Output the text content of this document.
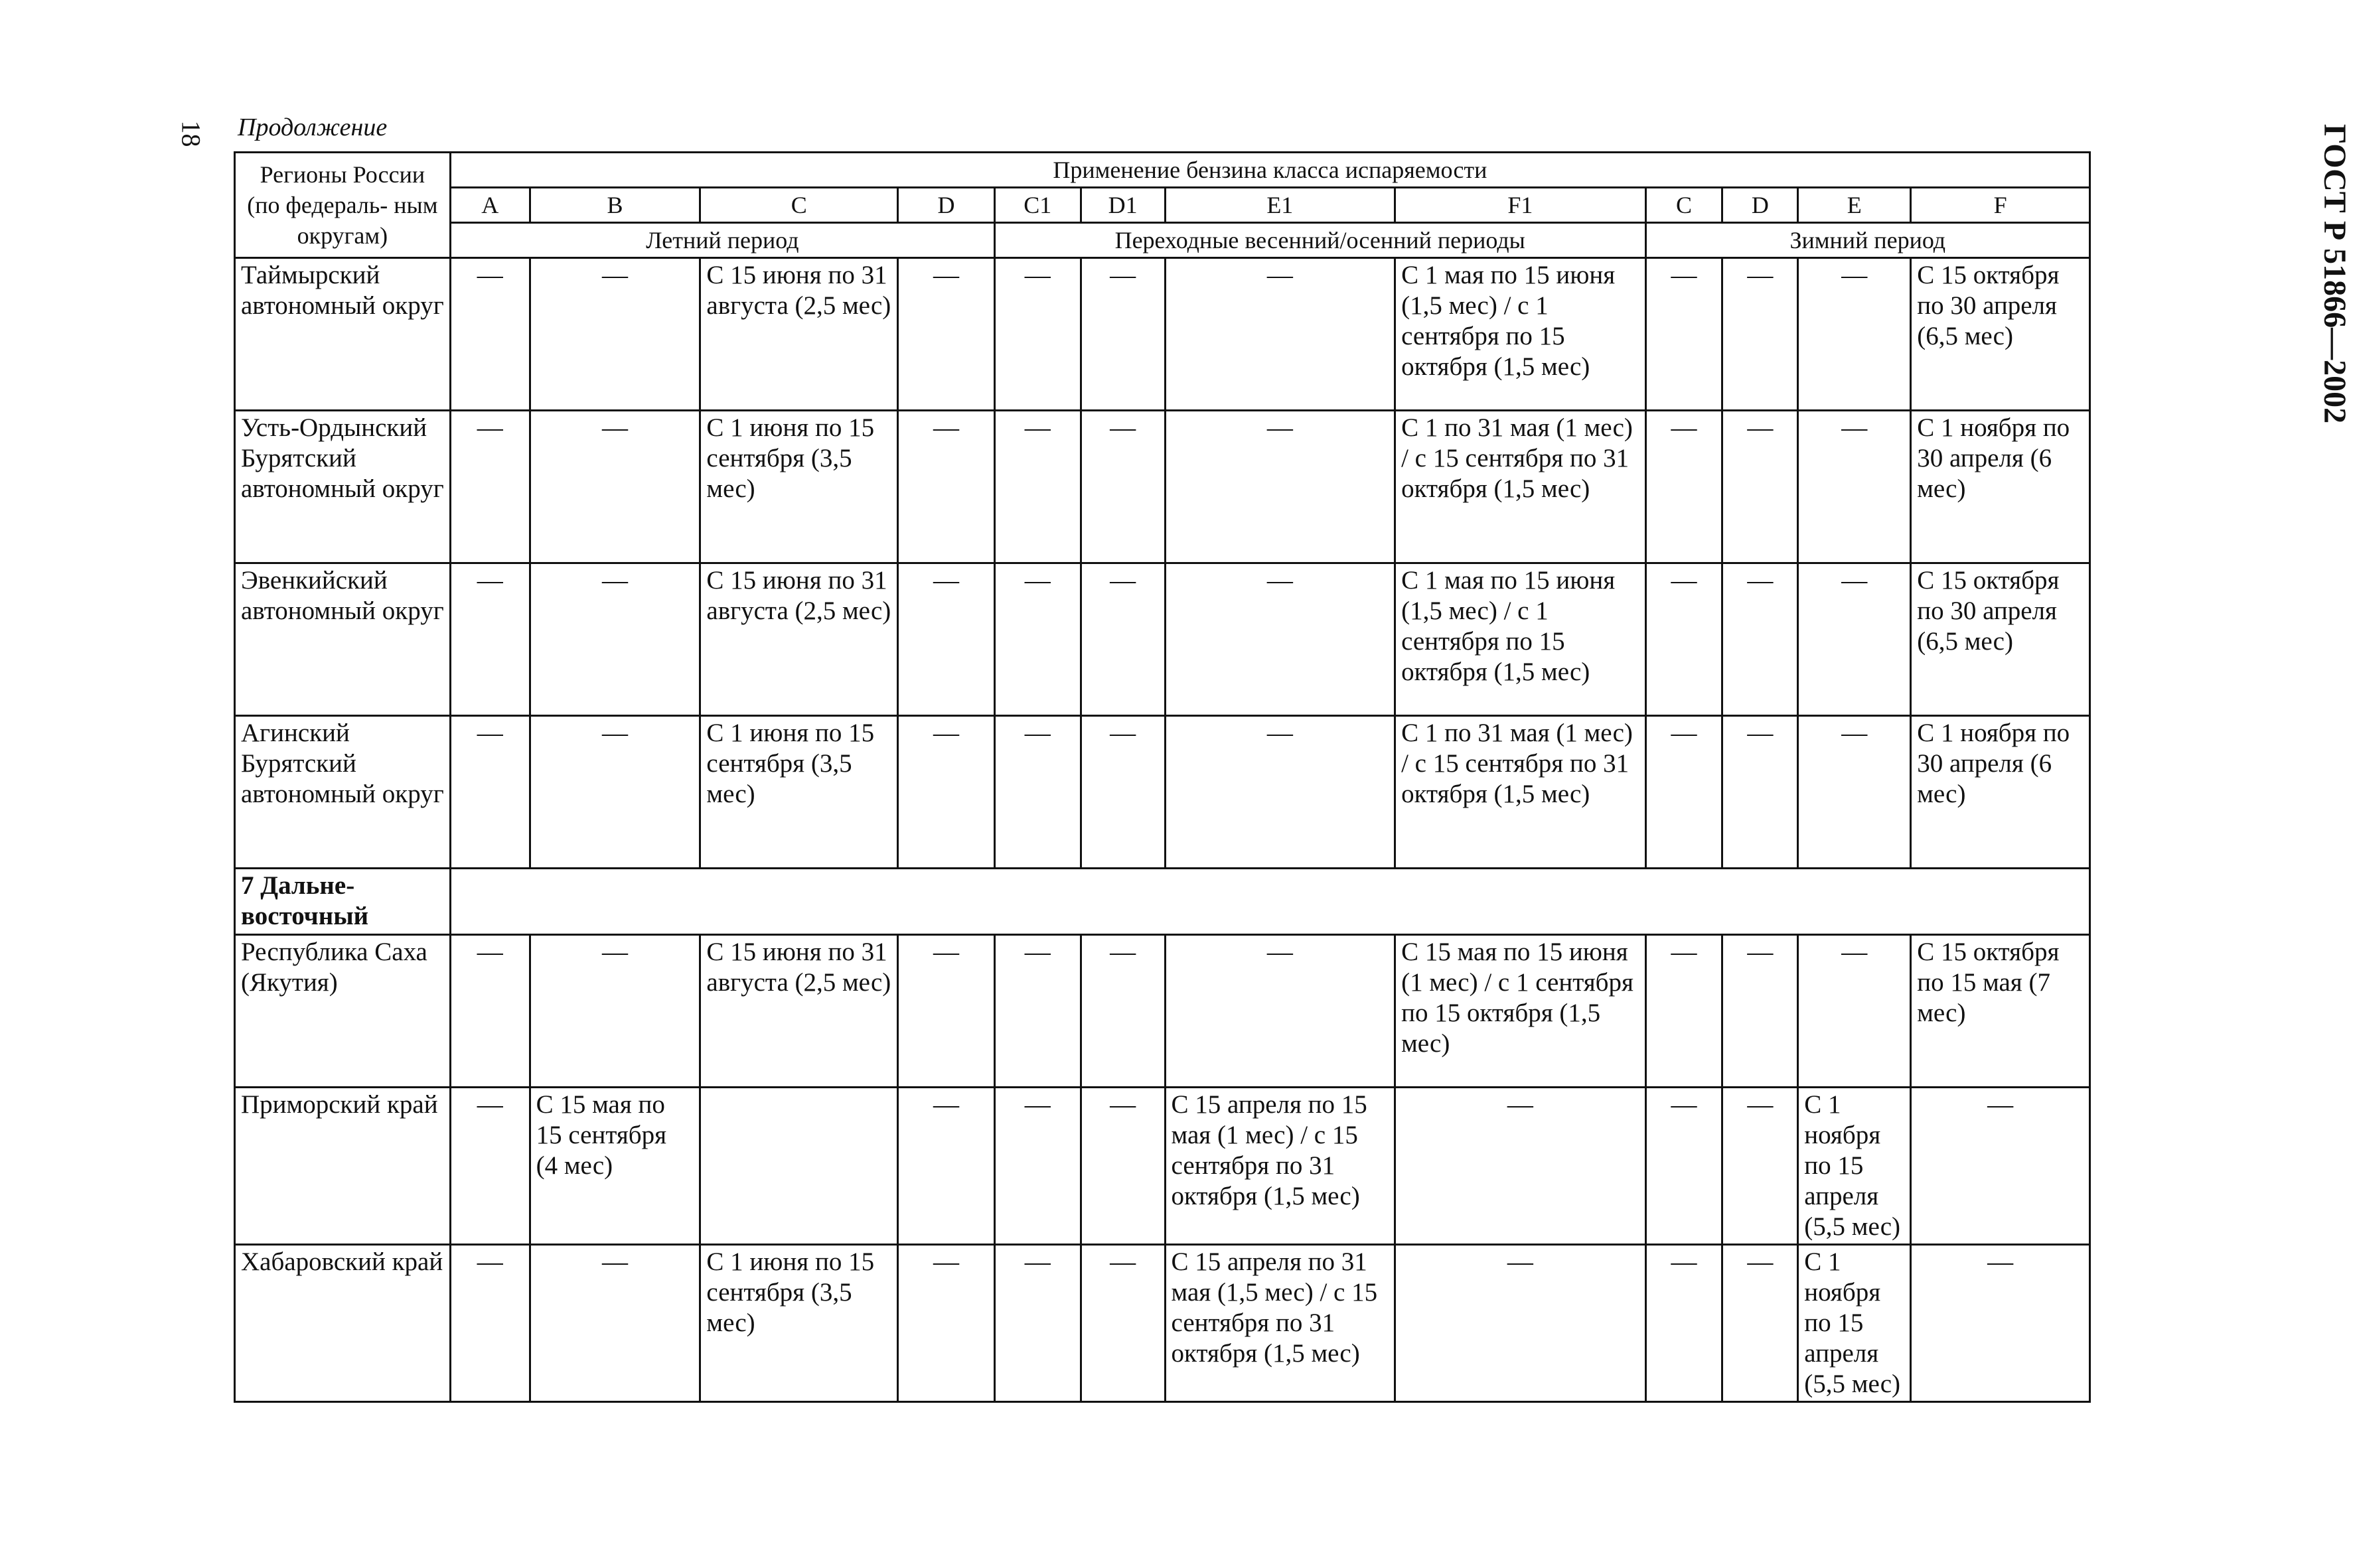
18 Продолжение	ГОСТ Р 51866—2002
Регионы России (по федераль- ным округам)	Применение бензина класса испаряемости											
	A	B	C	D	C1	D1	E1	F1	C	D	E	F
	Летний период				Переходные весенний/осенний периоды				Зимний период			
Таймырский автономный округ	—	—	С 15 июня по 31 августа (2,5 мес)	—	—	—	—	С 1 мая по 15 июня (1,5 мес) / с 1 сентября по 15 октября (1,5 мес)	—	—	—	С 15 октября по 30 апреля (6,5 мес)
Усть-Ордынский Бурятский автономный округ	—	—	С 1 июня по 15 сентября (3,5 мес)	—	—	—	—	С 1 по 31 мая (1 мес) / с 15 сентября по 31 октября (1,5 мес)	—	—	—	С 1 ноября по 30 апреля (6 мес)
Эвенкийский автономный округ	—	—	С 15 июня по 31 августа (2,5 мес)	—	—	—	—	С 1 мая по 15 июня (1,5 мес) / с 1 сентября по 15 октября (1,5 мес)	—	—	—	С 15 октября по 30 апреля (6,5 мес)
Агинский Бурятский автономный округ	—	—	С 1 июня по 15 сентября (3,5 мес)	—	—	—	—	С 1 по 31 мая (1 мес) / с 15 сентября по 31 октября (1,5 мес)	—	—	—	С 1 ноября по 30 апреля (6 мес)
7 Дальне- восточный												
Республика Саха (Якутия)	—	—	С 15 июня по 31 августа (2,5 мес)	—	—	—	—	С 15 мая по 15 июня (1 мес) / с 1 сентября по 15 октября (1,5 мес)	—	—	—	С 15 октября по 15 мая (7 мес)
Приморский край	—	С 15 мая по 15 сентября (4 мес)		—	—	—	С 15 апреля по 15 мая (1 мес) / с 15 сентября по 31 октября (1,5 мес)	—	—	—	С 1 ноября по 15 апреля (5,5 мес)	—
Хабаровский край	—	—	С 1 июня по 15 сентября (3,5 мес)	—	—	—	С 15 апреля по 31 мая (1,5 мес) / с 15 сентября по 31 октября (1,5 мес)	—	—	—	С 1 ноября по 15 апреля (5,5 мес)	—
